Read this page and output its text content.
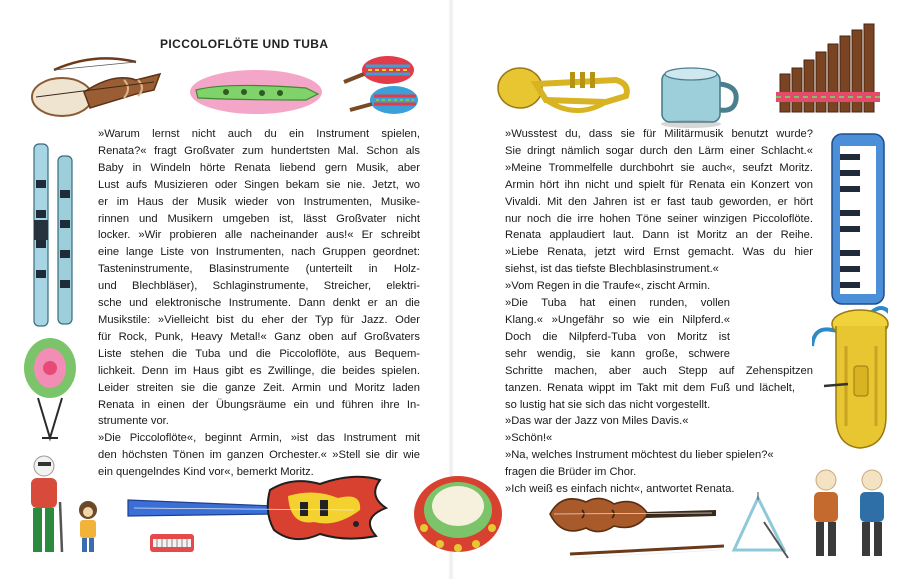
PICCOLOFLÖTE UND TUBA
»Warum lernst nicht auch du ein Instrument spielen,
Renata?« fragt Großvater zum hundertsten Mal. Schon als
Baby in Windeln hörte Renata liebend gern Musik, aber
Lust aufs Musizieren oder Singen bekam sie nie. Jetzt, wo
er im Haus der Musik wieder von Instrumenten, Musike-
rinnen und Musikern umgeben ist, lässt Großvater nicht
locker. »Wir probieren alle nacheinander aus!« Er schreibt
eine lange Liste von Instrumenten, nach Gruppen geordnet:
Tasteninstrumente, Blasinstrumente (unterteilt in Holz-
und Blechbläser), Schlaginstrumente, Streicher, elektri-
sche und elektronische Instrumente. Dann denkt er an die
Musikstile: »Vielleicht bist du eher der Typ für Jazz. Oder
für Rock, Punk, Heavy Metal!« Ganz oben auf Großvaters
Liste stehen die Tuba und die Piccoloflöte, aus Bequem-
lichkeit. Denn im Haus gibt es Zwillinge, die beides spielen.
Leider streiten sie die ganze Zeit. Armin und Moritz laden
Renata in einen der Übungsräume ein und führen ihre In-
strumente vor.
»Die Piccoloflöte«, beginnt Armin, »ist das Instrument mit
den höchsten Tönen im ganzen Orchester.« »Stell sie dir wie
ein quengelndes Kind vor«, bemerkt Moritz.
»Wusstest du, dass sie für Militärmusik benutzt wurde?
Sie dringt nämlich sogar durch den Lärm einer Schlacht.«
»Meine Trommelfelle durchbohrt sie auch«, seufzt Moritz.
Armin hört ihn nicht und spielt für Renata ein Konzert von
Vivaldi. Mit den Jahren ist er fast taub geworden, er hört
nur noch die irre hohen Töne seiner winzigen Piccoloflöte.
Renata applaudiert laut. Dann ist Moritz an der Reihe.
»Liebe Renata, jetzt wird Ernst gemacht. Was du hier
siehst, ist das tiefste Blechblasinstrument.«
»Vom Regen in die Traufe«, zischt Armin.
»Die Tuba hat einen runden, vollen
Klang.« »Ungefähr so wie ein Nilpferd.«
Doch die Nilpferd-Tuba von Moritz ist
sehr wendig, sie kann große, schwere
Schritte machen, aber auch Stepp auf Zehenspitzen
tanzen. Renata wippt im Takt mit dem Fuß und lächelt,
so lustig hat sie sich das nicht vorgestellt.
»Das war der Jazz von Miles Davis.«
»Schön!«
»Na, welches Instrument möchtest du lieber spielen?«
fragen die Brüder im Chor.
»Ich weiß es einfach nicht«, antwortet Renata.
